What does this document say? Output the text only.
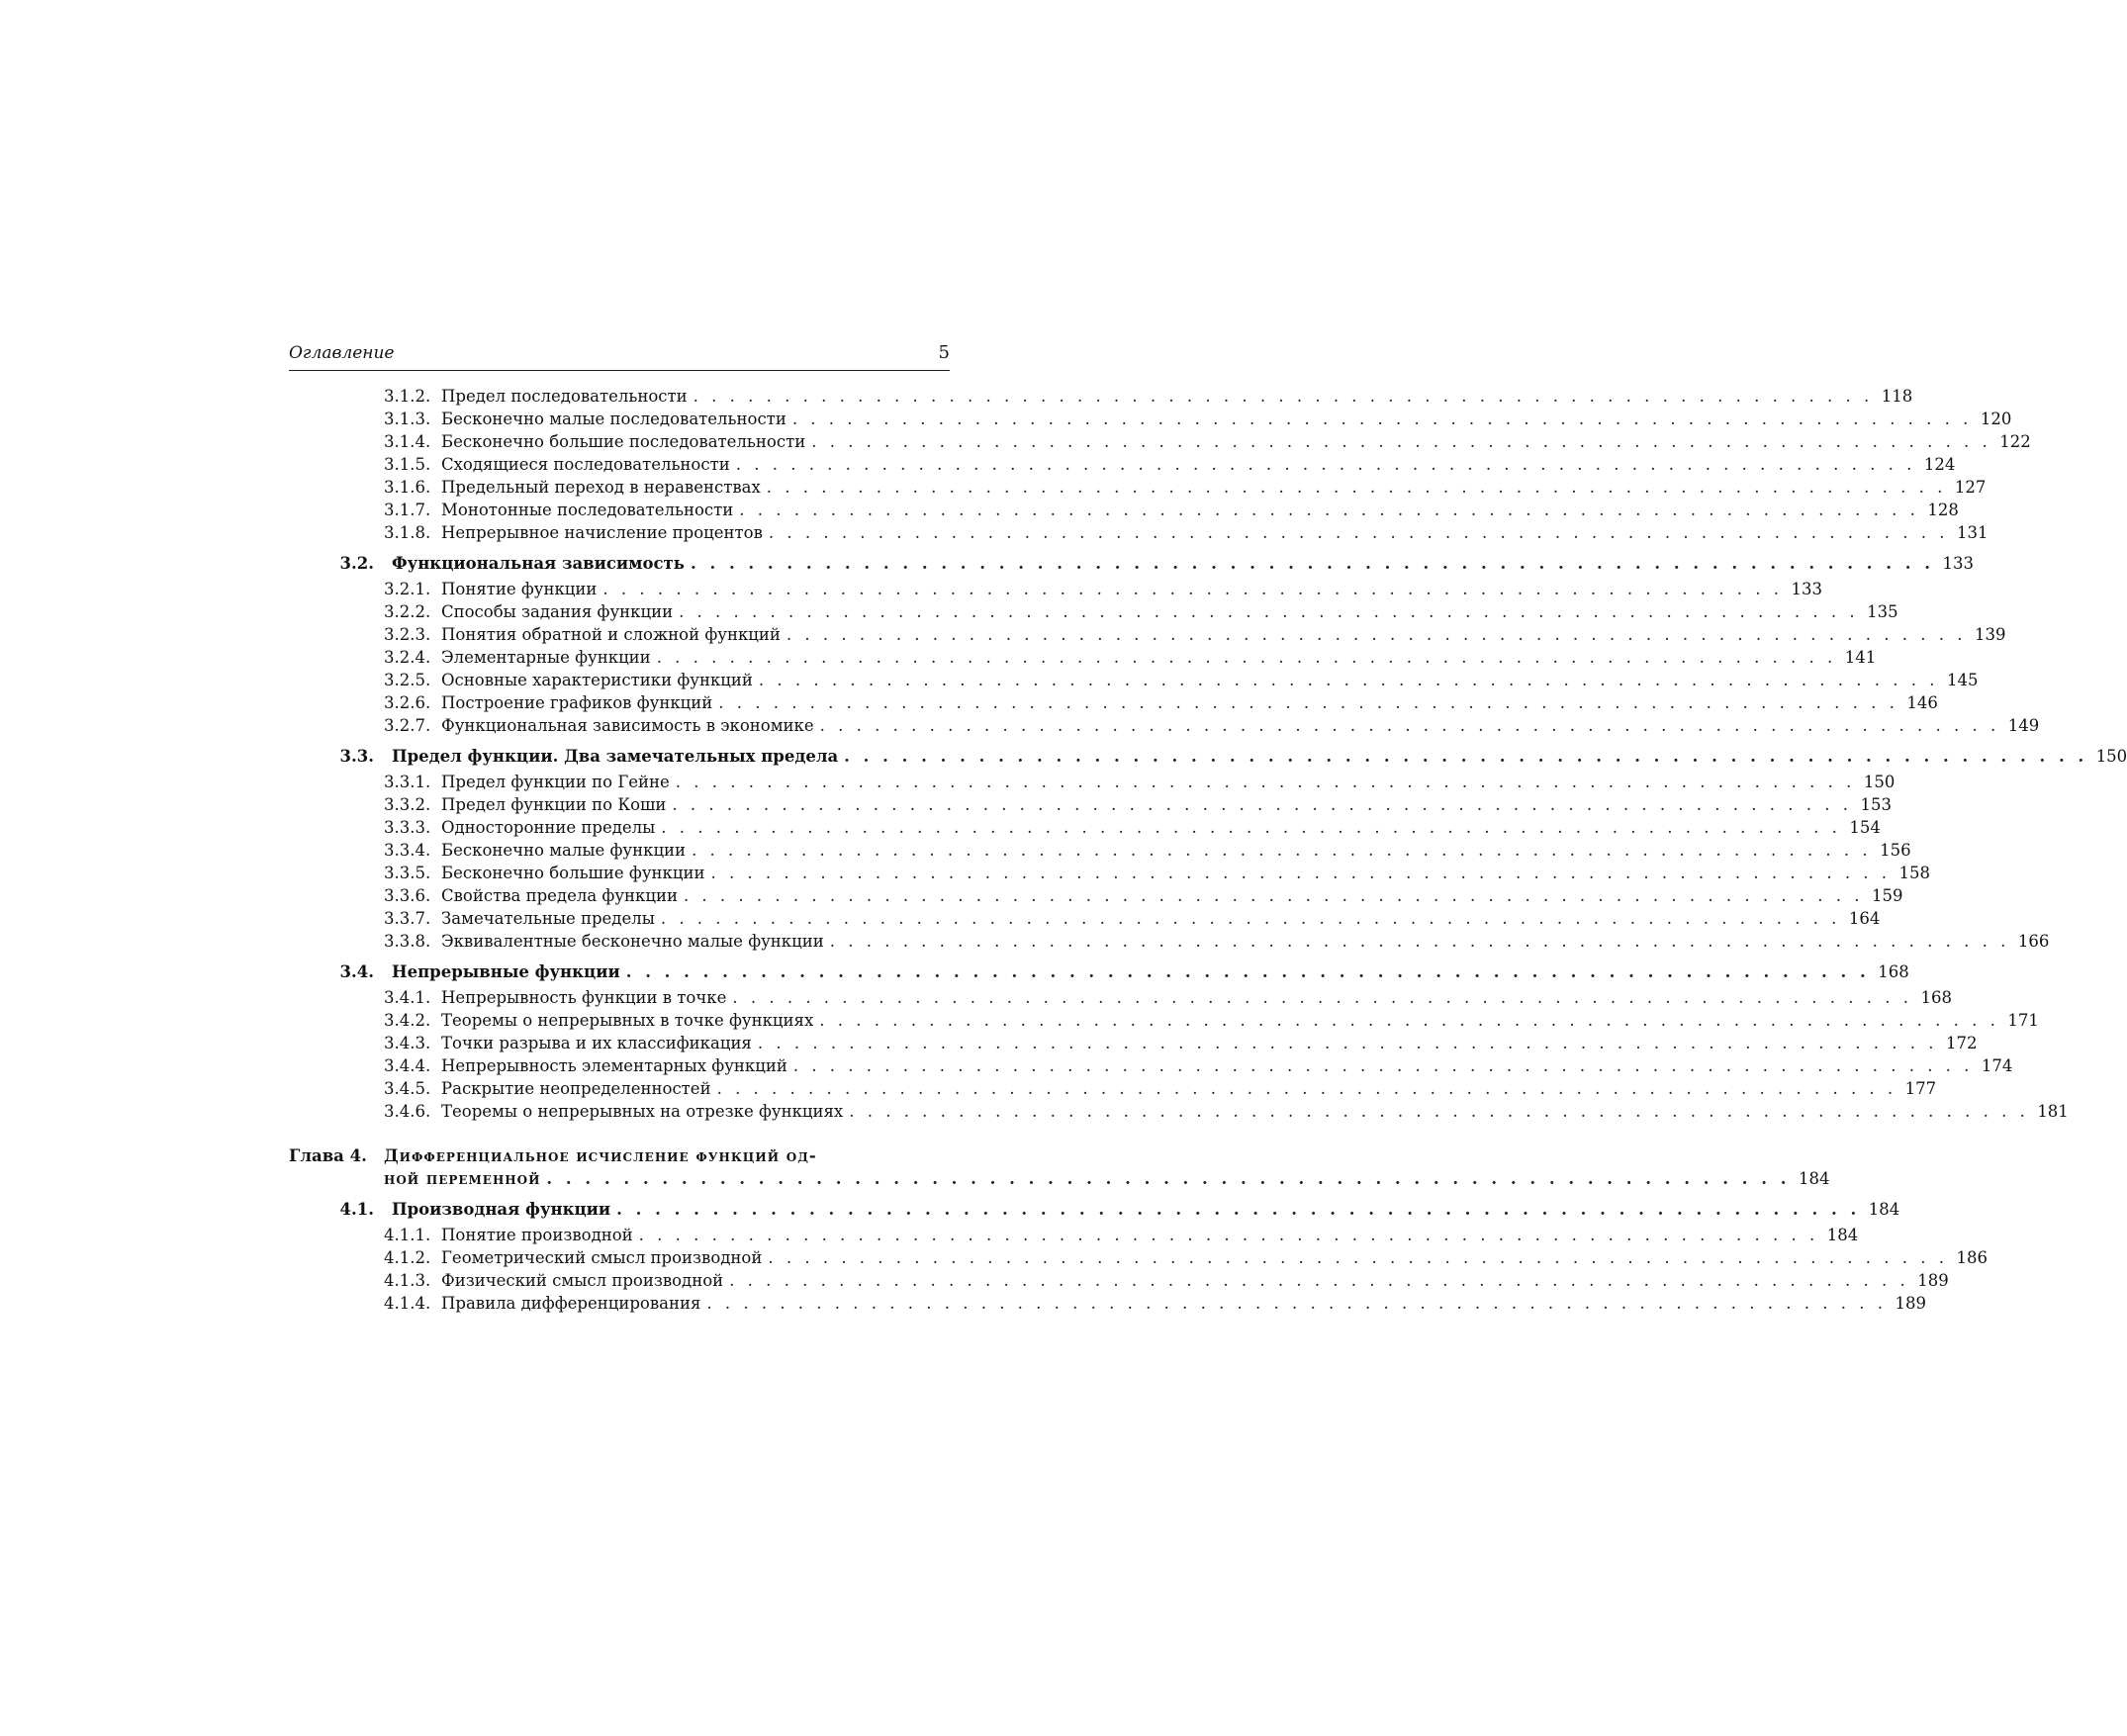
Оглавление	5
3.1.2. Предел последовательности . . .	118
3.1.3. Бесконечно малые последовательности . . .	120
3.1.4. Бесконечно большие последовательности . . .	122
3.1.5. Сходящиеся последовательности . . .	124
3.1.6. Предельный переход в неравенствах . . .	127
3.1.7. Монотонные последовательности . . .	128
3.1.8. Непрерывное начисление процентов . . .	131
3.2. Функциональная зависимость . . .	133
3.2.1. Понятие функции . . .	133
3.2.2. Способы задания функции . . .	135
3.2.3. Понятия обратной и сложной функций . . .	139
3.2.4. Элементарные функции . . .	141
3.2.5. Основные характеристики функций . . .	145
3.2.6. Построение графиков функций . . .	146
3.2.7. Функциональная зависимость в экономике . . .	149
3.3. Предел функции. Два замечательных предела . . .	150
3.3.1. Предел функции по Гейне . . .	150
3.3.2. Предел функции по Коши . . .	153
3.3.3. Односторонние пределы . . .	154
3.3.4. Бесконечно малые функции . . .	156
3.3.5. Бесконечно большие функции . . .	158
3.3.6. Свойства предела функции . . .	159
3.3.7. Замечательные пределы . . .	164
3.3.8. Эквивалентные бесконечно малые функции . . .	166
3.4. Непрерывные функции . . .	168
3.4.1. Непрерывность функции в точке . . .	168
3.4.2. Теоремы о непрерывных в точке функциях . . .	171
3.4.3. Точки разрыва и их классификация . . .	172
3.4.4. Непрерывность элементарных функций . . .	174
3.4.5. Раскрытие неопределенностей . . .	177
3.4.6. Теоремы о непрерывных на отрезке функциях . . .	181
Глава 4.	Дифференциальное исчисление функций од-
ной переменной . . .	184
4.1. Производная функции . . .	184
4.1.1. Понятие производной . . .	184
4.1.2. Геометрический смысл производной . . .	186
4.1.3. Физический смысл производной . . .	189
4.1.4. Правила дифференцирования . . .	189
